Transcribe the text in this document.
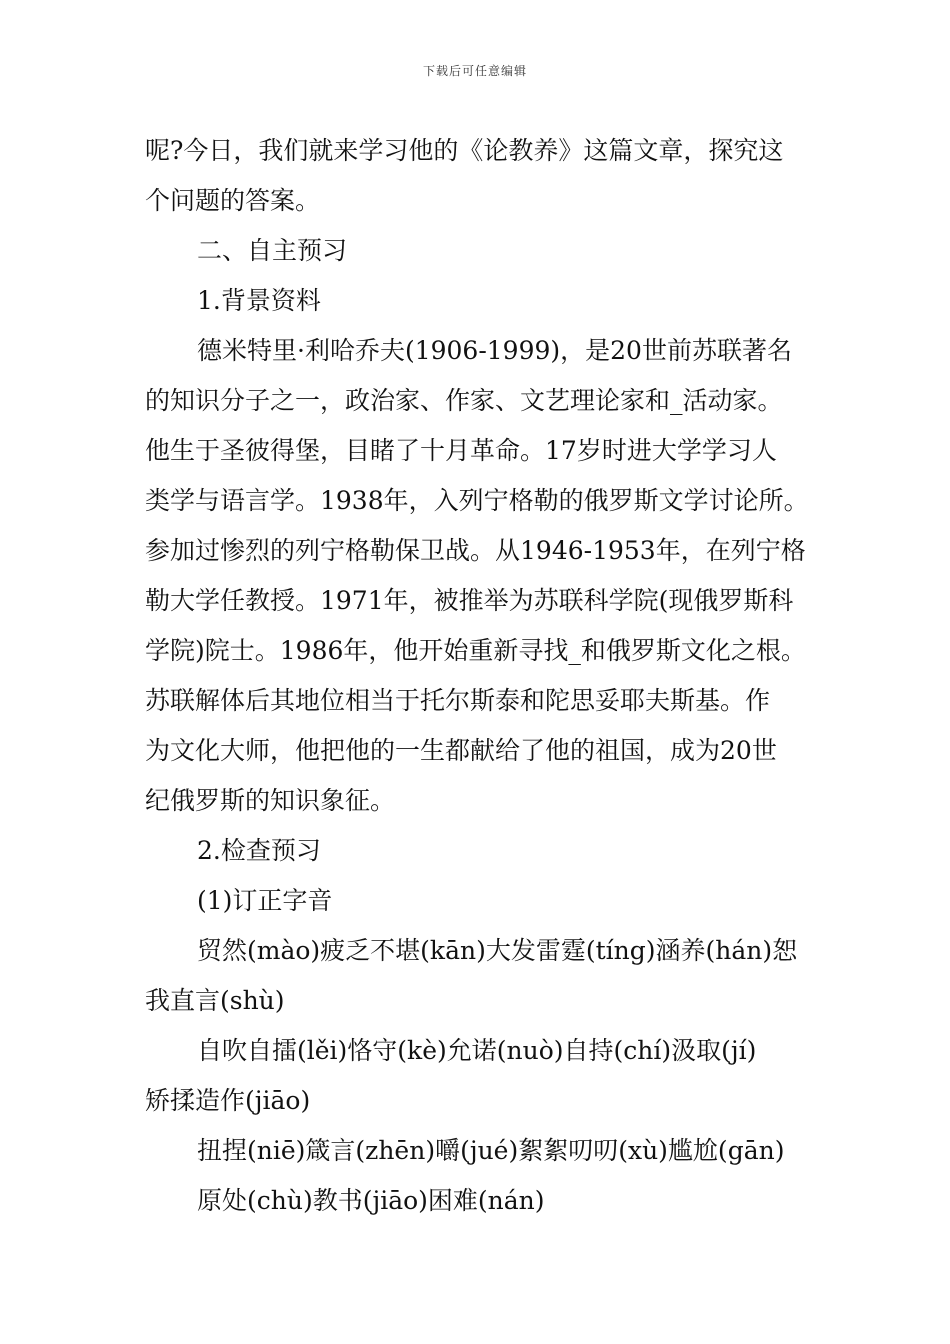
下载后可任意编辑
呢?今日，我们就来学习他的《论教养》这篇文章，探究这
个问题的答案。
二、自主预习
1.背景资料
德米特里·利哈乔夫(1906-1999)，是20世前苏联著名
的知识分子之一，政治家、作家、文艺理论家和_活动家。
他生于圣彼得堡，目睹了十月革命。17岁时进大学学习人
类学与语言学。1938年，入列宁格勒的俄罗斯文学讨论所。
参加过惨烈的列宁格勒保卫战。从1946-1953年，在列宁格
勒大学任教授。1971年，被推举为苏联科学院(现俄罗斯科
学院)院士。1986年，他开始重新寻找_和俄罗斯文化之根。
苏联解体后其地位相当于托尔斯泰和陀思妥耶夫斯基。作
为文化大师，他把他的一生都献给了他的祖国，成为20世
纪俄罗斯的知识象征。
2.检查预习
(1)订正字音
贸然(mào)疲乏不堪(kān)大发雷霆(tíng)涵养(hán)恕
我直言(shù)
自吹自擂(lěi)恪守(kè)允诺(nuò)自持(chí)汲取(jí)
矫揉造作(jiāo)
扭捏(niē)箴言(zhēn)嚼(jué)絮絮叨叨(xù)尴尬(gān)
原处(chù)教书(jiāo)困难(nán)
